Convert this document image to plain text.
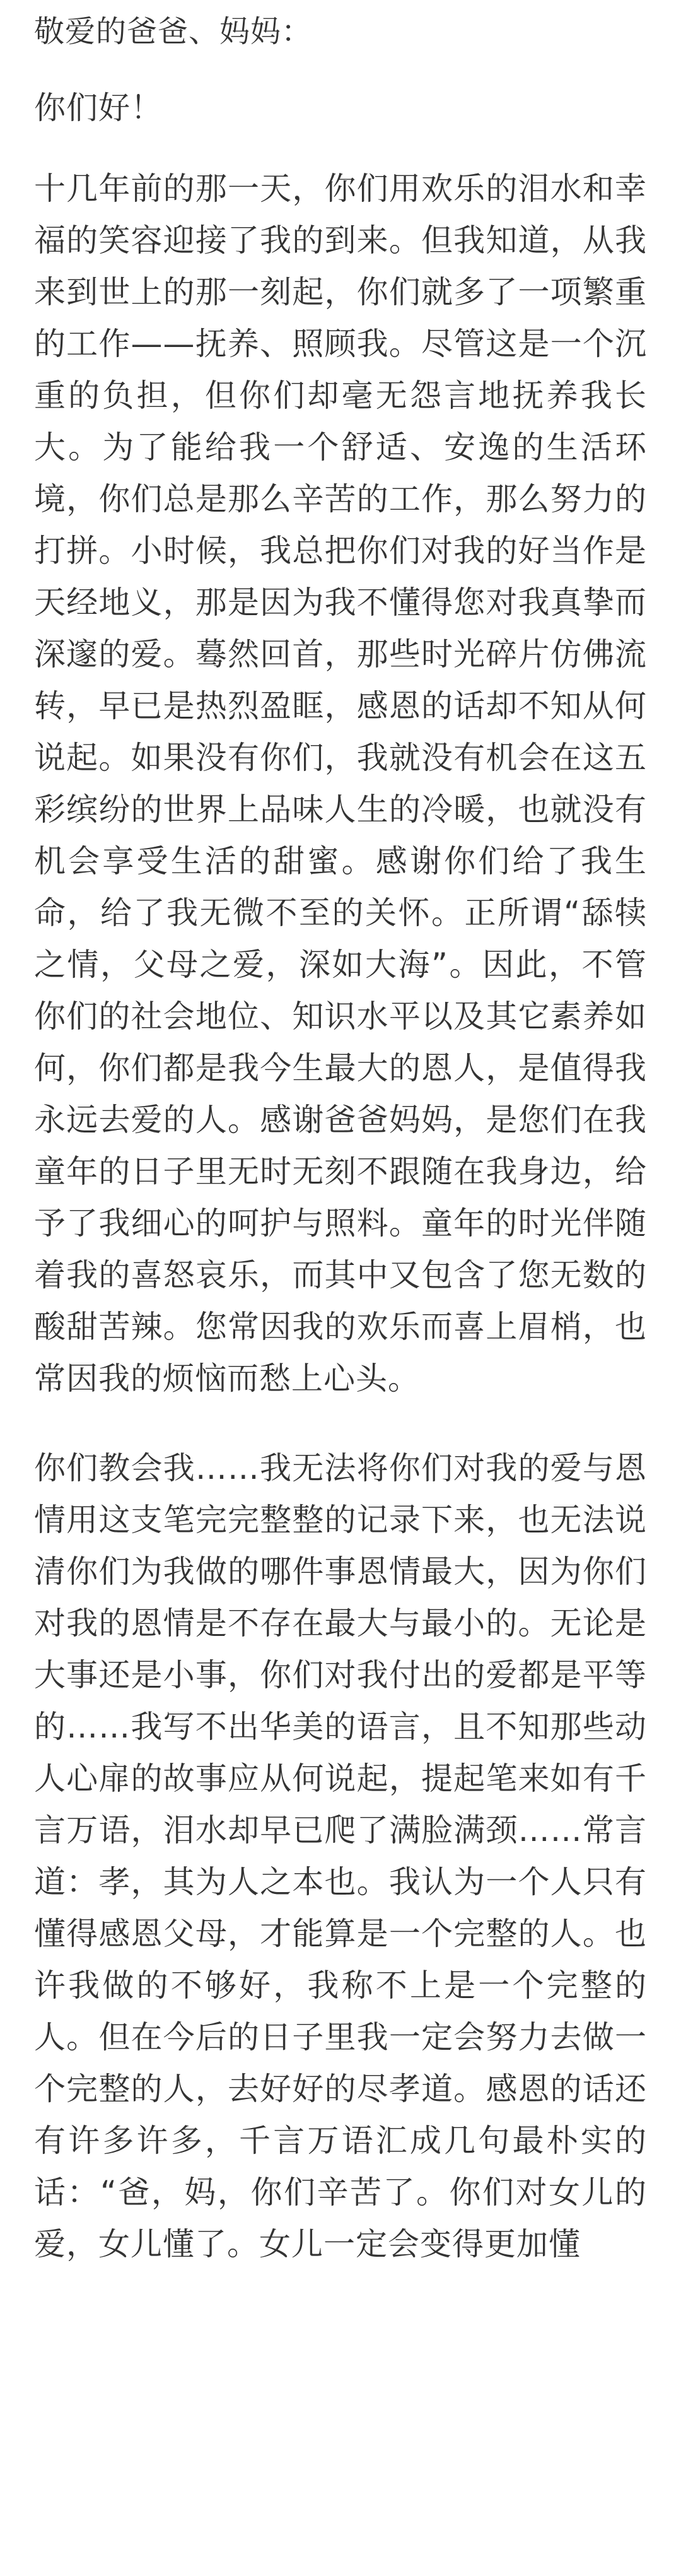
敬爱的爸爸、妈妈：
你们好！
十几年前的那一天，你们用欢乐的泪水和幸福的笑容迎接了我的到来。但我知道，从我来到世上的那一刻起，你们就多了一项繁重的工作——抚养、照顾我。尽管这是一个沉重的负担，但你们却毫无怨言地抚养我长大。为了能给我一个舒适、安逸的生活环境，你们总是那么辛苦的工作，那么努力的打拼。小时候，我总把你们对我的好当作是天经地义，那是因为我不懂得您对我真挚而深邃的爱。蓦然回首，那些时光碎片仿佛流转，早已是热烈盈眶，感恩的话却不知从何说起。如果没有你们，我就没有机会在这五彩缤纷的世界上品味人生的冷暖，也就没有机会享受生活的甜蜜。感谢你们给了我生命，给了我无微不至的关怀。正所谓“舔犊之情，父母之爱，深如大海”。因此，不管你们的社会地位、知识水平以及其它素养如何，你们都是我今生最大的恩人，是值得我永远去爱的人。感谢爸爸妈妈，是您们在我童年的日子里无时无刻不跟随在我身边，给予了我细心的呵护与照料。童年的时光伴随着我的喜怒哀乐，而其中又包含了您无数的酸甜苦辣。您常因我的欢乐而喜上眉梢，也常因我的烦恼而愁上心头。
你们教会我……我无法将你们对我的爱与恩情用这支笔完完整整的记录下来，也无法说清你们为我做的哪件事恩情最大，因为你们对我的恩情是不存在最大与最小的。无论是大事还是小事，你们对我付出的爱都是平等的……我写不出华美的语言，且不知那些动人心扉的故事应从何说起，提起笔来如有千言万语，泪水却早已爬了满脸满颈……常言道：孝，其为人之本也。我认为一个人只有懂得感恩父母，才能算是一个完整的人。也许我做的不够好，我称不上是一个完整的人。但在今后的日子里我一定会努力去做一个完整的人，去好好的尽孝道。感恩的话还有许多许多，千言万语汇成几句最朴实的话：“爸，妈，你们辛苦了。你们对女儿的爱，女儿懂了。女儿一定会变得更加懂
